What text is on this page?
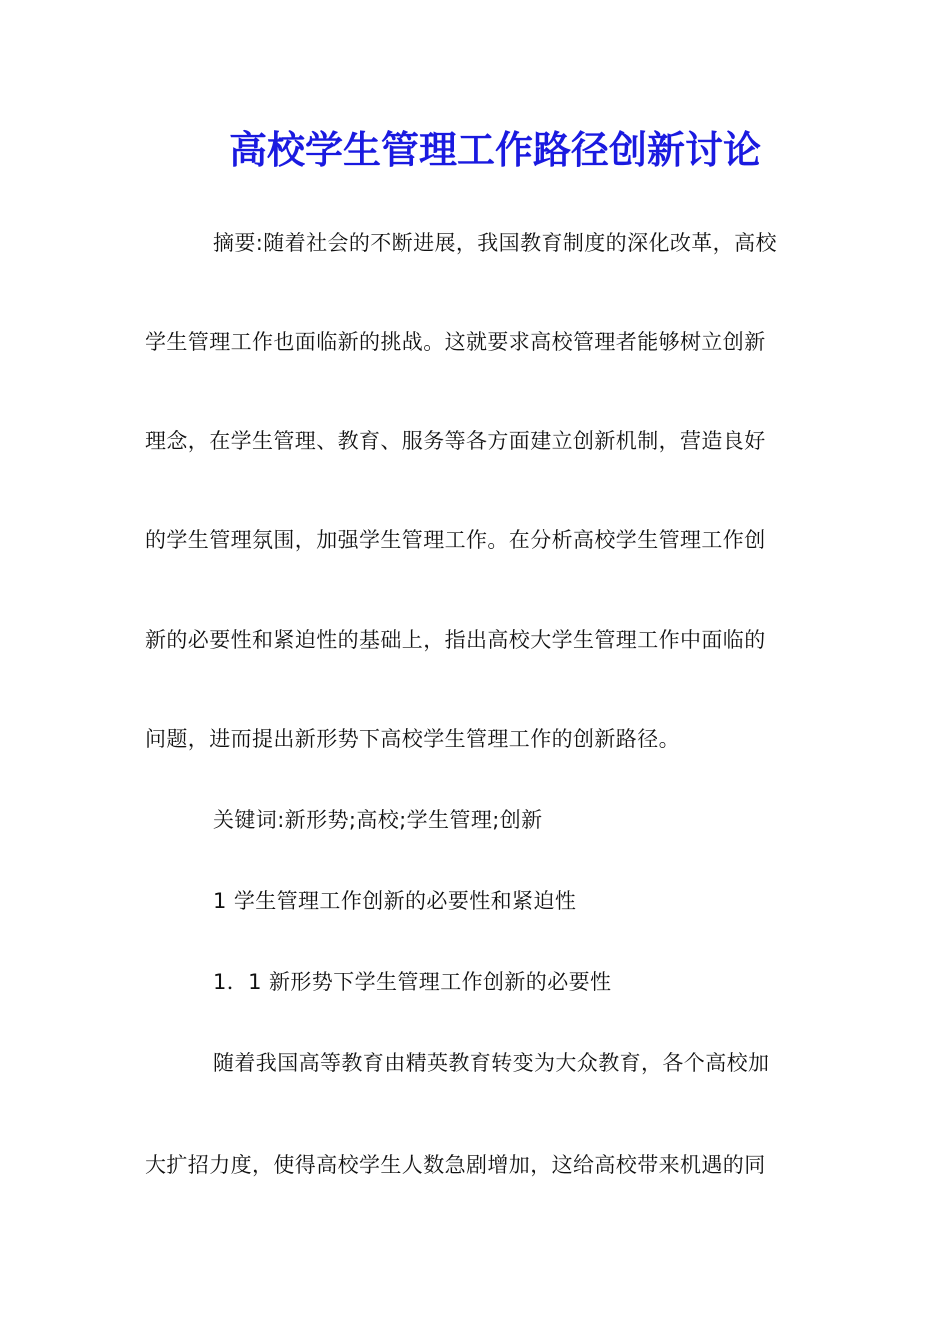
高校学生管理工作路径创新讨论
摘要:随着社会的不断进展，我国教育制度的深化改革，高校
学生管理工作也面临新的挑战。这就要求高校管理者能够树立创新
理念，在学生管理、教育、服务等各方面建立创新机制，营造良好
的学生管理氛围，加强学生管理工作。在分析高校学生管理工作创
新的必要性和紧迫性的基础上，指出高校大学生管理工作中面临的
问题，进而提出新形势下高校学生管理工作的创新路径。
关键词:新形势;高校;学生管理;创新
1 学生管理工作创新的必要性和紧迫性
1．1 新形势下学生管理工作创新的必要性
随着我国高等教育由精英教育转变为大众教育，各个高校加
大扩招力度，使得高校学生人数急剧增加，这给高校带来机遇的同
